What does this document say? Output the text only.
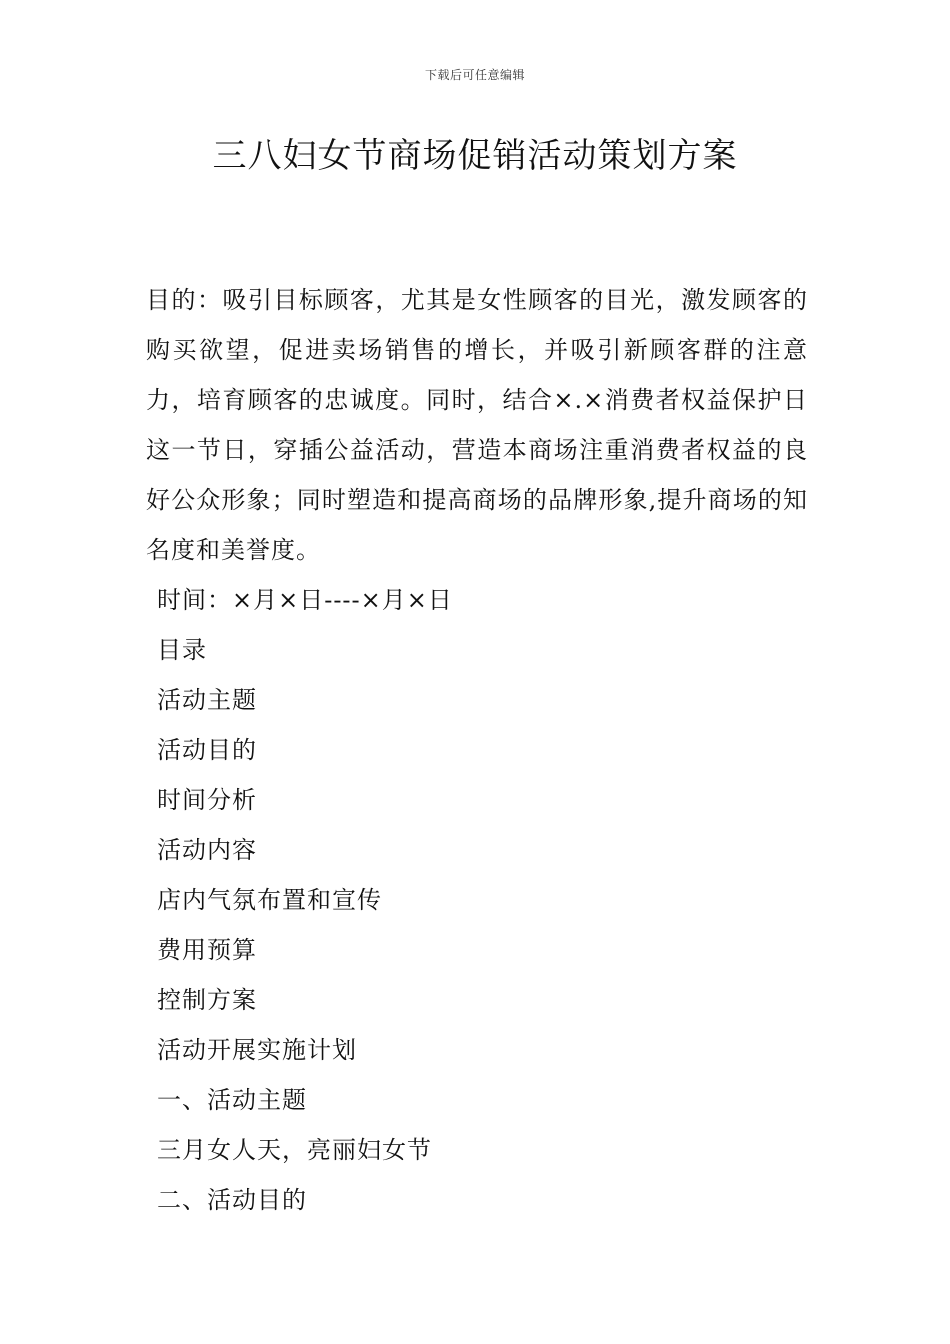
下载后可任意编辑
三八妇女节商场促销活动策划方案

目的：吸引目标顾客，尤其是女性顾客的目光，激发顾客的购买欲望，促进卖场销售的增长，并吸引新顾客群的注意力，培育顾客的忠诚度。同时，结合×.×消费者权益保护日这一节日，穿插公益活动，营造本商场注重消费者权益的良好公众形象；同时塑造和提高商场的品牌形象,提升商场的知名度和美誉度。

时间：×月×日----×月×日

目录

活动主题

活动目的

时间分析

活动内容

店内气氛布置和宣传

费用预算

控制方案

活动开展实施计划

一、活动主题

三月女人天，亮丽妇女节

二、活动目的
